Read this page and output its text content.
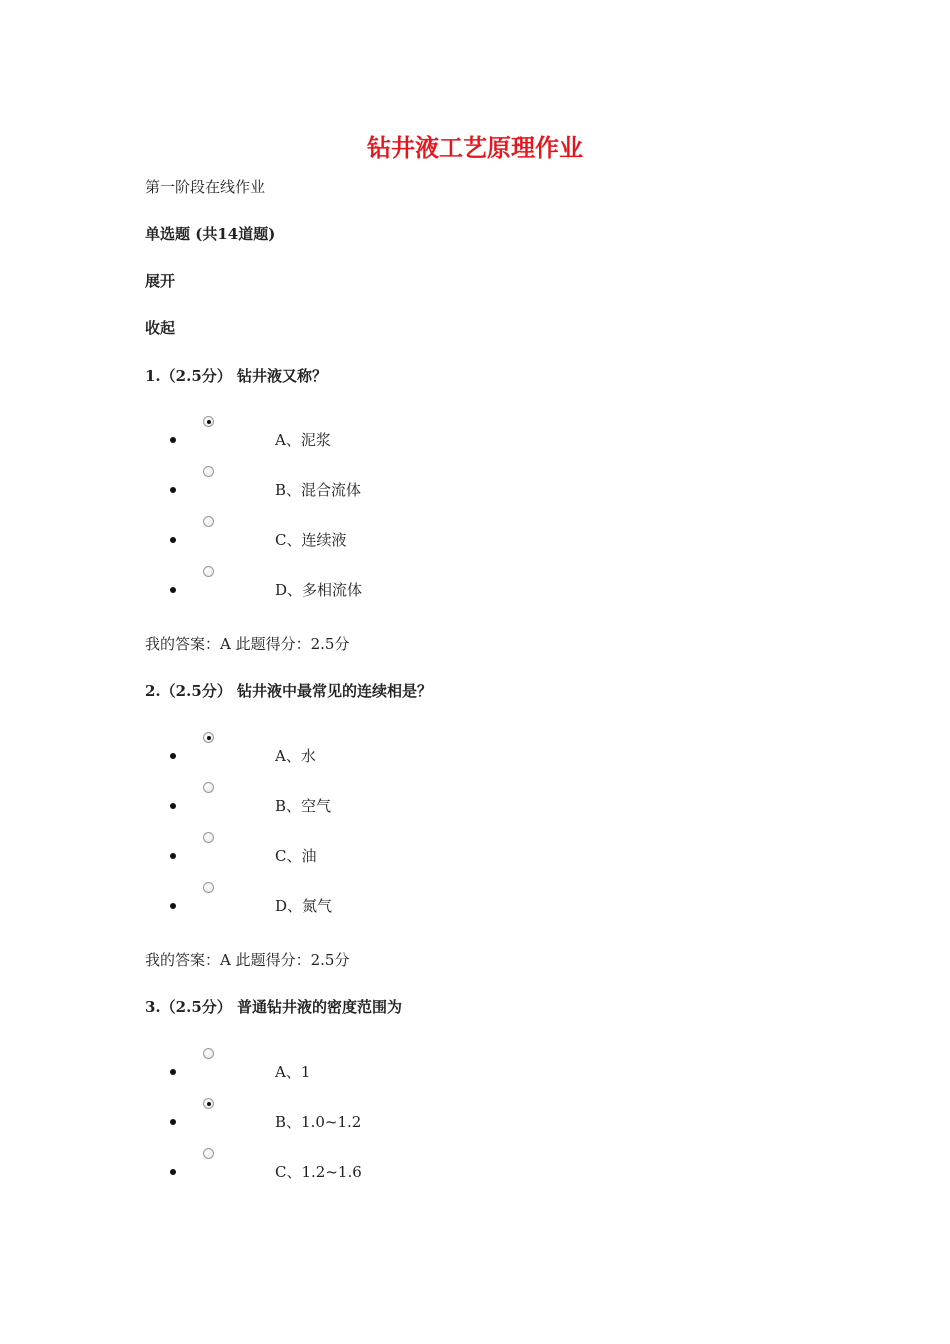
钻井液工艺原理作业
第一阶段在线作业
单选题 (共14道题)
展开
收起
1.（2.5分） 钻井液又称？
A、泥浆
B、混合流体
C、连续液
D、多相流体
我的答案：A 此题得分：2.5分
2.（2.5分） 钻井液中最常见的连续相是？
A、水
B、空气
C、油
D、氮气
我的答案：A 此题得分：2.5分
3.（2.5分） 普通钻井液的密度范围为
A、1
B、1.0~1.2
C、1.2~1.6
